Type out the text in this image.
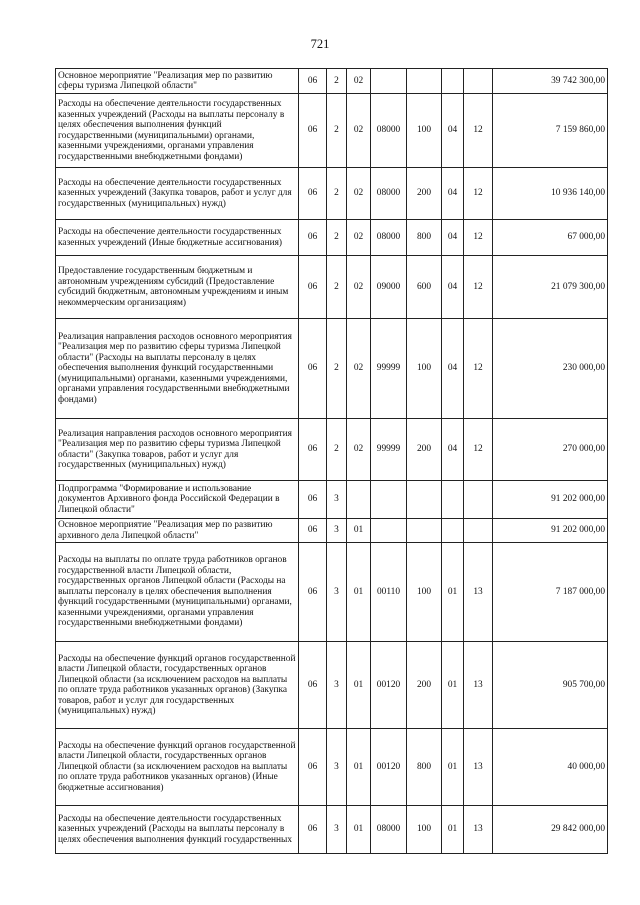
721
Основное мероприятие "Реализация мер по развитию сферы туризма Липецкой области"	06	2	02					39 742 300,00
Расходы на обеспечение деятельности государственных казенных учреждений (Расходы на выплаты персоналу в целях обеспечения выполнения функций государственными (муниципальными) органами, казенными учреждениями, органами управления государственными внебюджетными фондами)	06	2	02	08000	100	04	12	7 159 860,00
Расходы на обеспечение деятельности государственных казенных учреждений (Закупка товаров, работ и услуг для государственных (муниципальных) нужд)	06	2	02	08000	200	04	12	10 936 140,00
Расходы на обеспечение деятельности государственных казенных учреждений (Иные бюджетные ассигнования)	06	2	02	08000	800	04	12	67 000,00
Предоставление государственным бюджетным и автономным учреждениям субсидий (Предоставление субсидий бюджетным, автономным учреждениям и иным некоммерческим организациям)	06	2	02	09000	600	04	12	21 079 300,00
Реализация направления расходов основного мероприятия "Реализация мер по развитию сферы туризма Липецкой области" (Расходы на выплаты персоналу в целях обеспечения выполнения функций государственными (муниципальными) органами, казенными учреждениями, органами управления государственными внебюджетными фондами)	06	2	02	99999	100	04	12	230 000,00
Реализация направления расходов основного мероприятия "Реализация мер по развитию сферы туризма Липецкой области" (Закупка товаров, работ и услуг для государственных (муниципальных) нужд)	06	2	02	99999	200	04	12	270 000,00
Подпрограмма "Формирование и использование документов Архивного фонда Российской Федерации в Липецкой области"	06	3						91 202 000,00
Основное мероприятие "Реализация мер по развитию архивного дела Липецкой области"	06	3	01					91 202 000,00
Расходы на выплаты по оплате труда работников органов государственной власти Липецкой области, государственных органов Липецкой области (Расходы на выплаты персоналу в целях обеспечения выполнения функций государственными (муниципальными) органами, казенными учреждениями, органами управления государственными внебюджетными фондами)	06	3	01	00110	100	01	13	7 187 000,00
Расходы на обеспечение функций органов государственной власти Липецкой области, государственных органов Липецкой области (за исключением расходов на выплаты по оплате труда работников указанных органов) (Закупка товаров, работ и услуг для государственных (муниципальных) нужд)	06	3	01	00120	200	01	13	905 700,00
Расходы на обеспечение функций органов государственной власти Липецкой области, государственных органов Липецкой области (за исключением расходов на выплаты по оплате труда работников указанных органов) (Иные бюджетные ассигнования)	06	3	01	00120	800	01	13	40 000,00
Расходы на обеспечение деятельности государственных казенных учреждений (Расходы на выплаты персоналу в целях обеспечения выполнения функций государственных	06	3	01	08000	100	01	13	29 842 000,00
